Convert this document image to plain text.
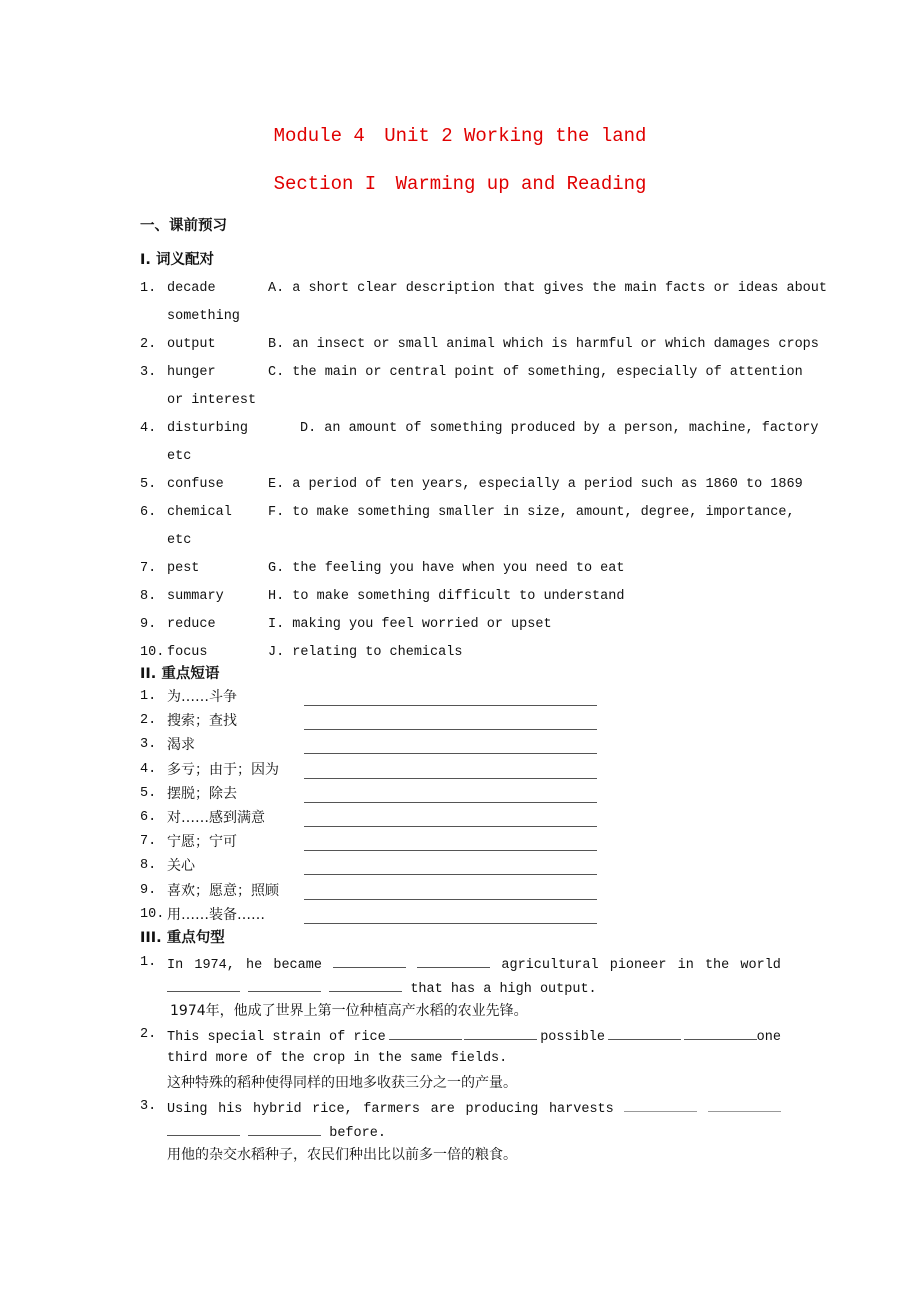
Module 4 Unit 2 Working the land
Section I Warming up and Reading
一、课前预习
I. 词义配对
1. decade	A. a short clear description that gives the main facts or ideas about
something
2. output	B. an insect or small animal which is harmful or which damages crops
3. hunger	C. the main or central point of something, especially of attention
or interest
4. disturbing	D. an amount of something produced by a person, machine, factory
etc
5. confuse	E. a period of ten years, especially a period such as 1860 to 1869
6. chemical	F. to make something smaller in size, amount, degree, importance,
etc
7. pest	G. the feeling you have when you need to eat
8. summary	H. to make something difficult to understand
9. reduce	I. making you feel worried or upset
10. focus	J. relating to chemicals
II. 重点短语
1. 为……斗争
2. 搜索；查找
3. 渴求
4. 多亏；由于；因为
5. 摆脱；除去
6. 对……感到满意
7. 宁愿；宁可
8. 关心
9. 喜欢；愿意；照顾
10. 用……装备……
III. 重点句型
1. In 1974, he became	agricultural pioneer in the world
that has a high output.
1974年，他成了世界上第一位种植高产水稻的农业先锋。
2. This special strain of rice	possible	one
third more of the crop in the same fields.
这种特殊的稻种使得同样的田地多收获三分之一的产量。
3. Using his hybrid rice, farmers are producing harvests
before.
用他的杂交水稻种子，农民们种出比以前多一倍的粮食。
